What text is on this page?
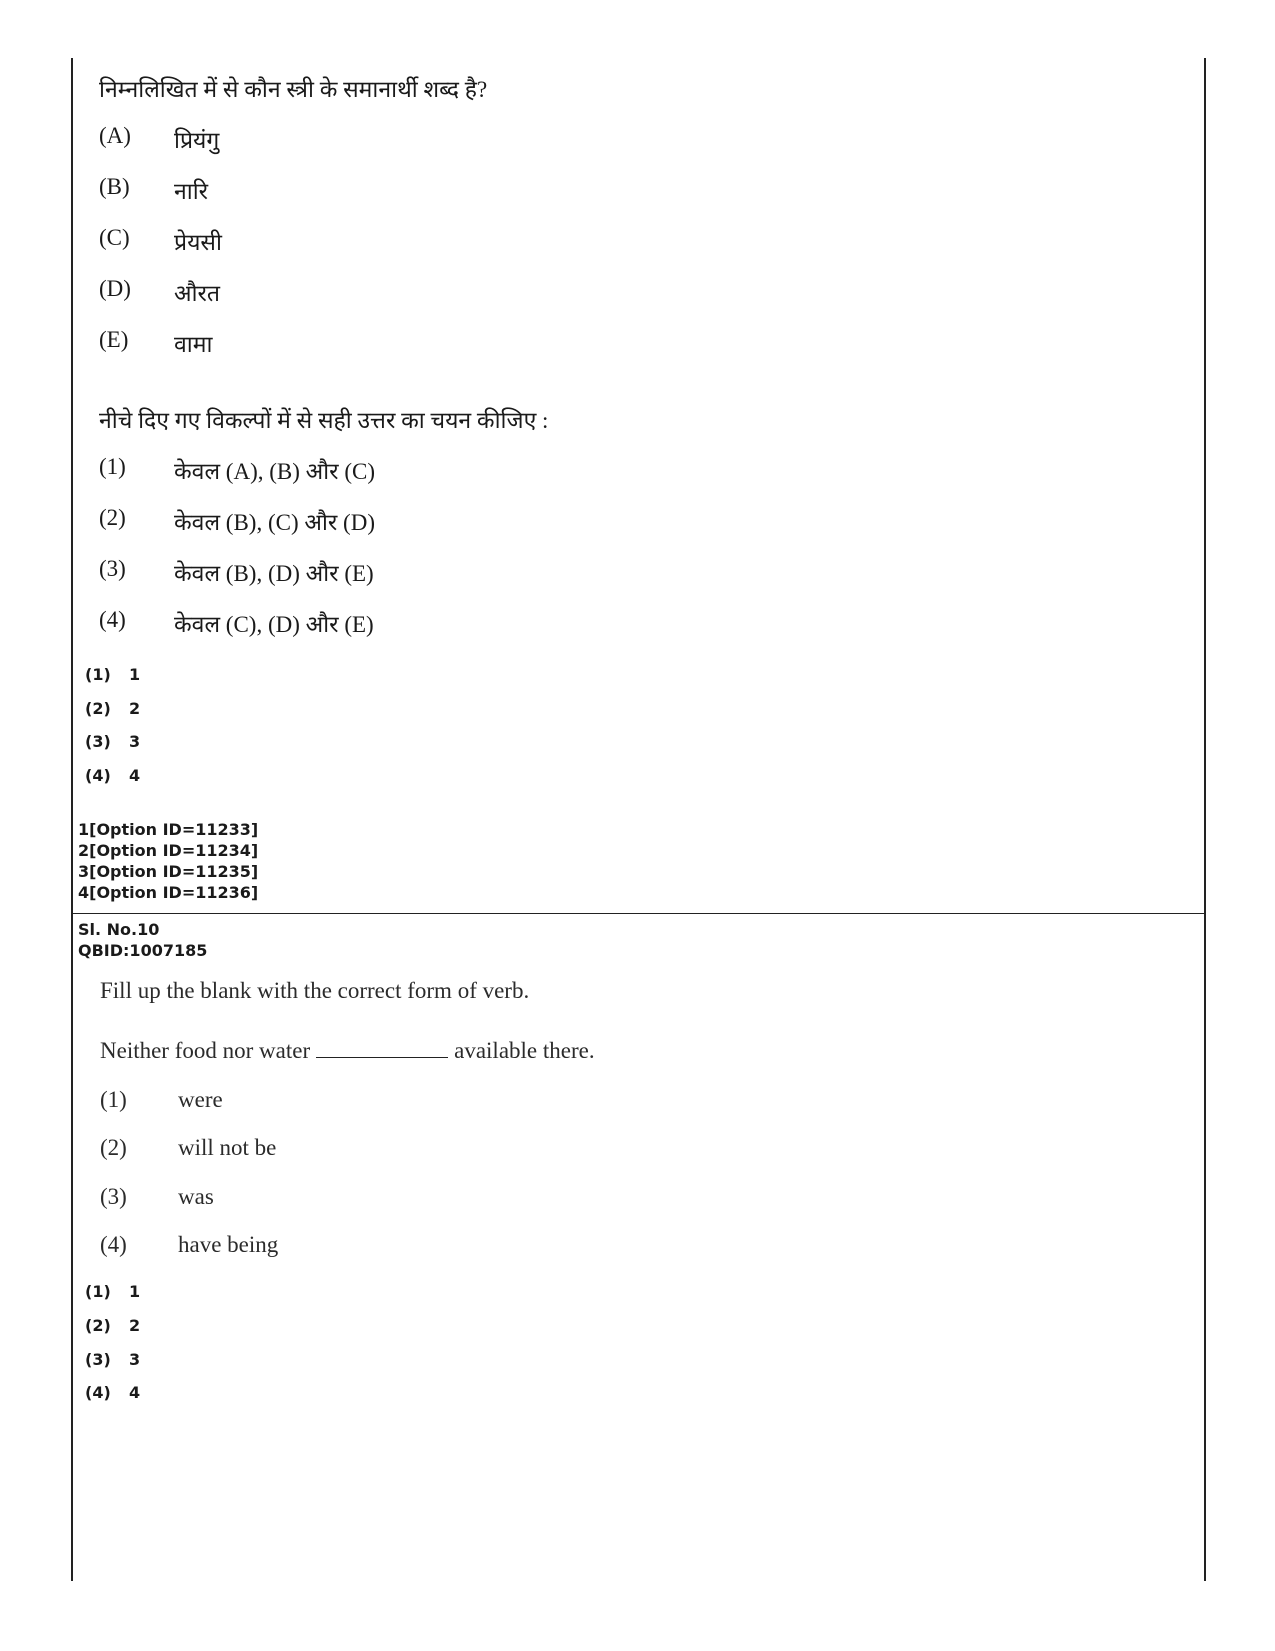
निम्नलिखित में से कौन स्त्री के समानार्थी शब्द है?
(A) प्रियंगु
(B) नारि
(C) प्रेयसी
(D) औरत
(E) वामा
नीचे दिए गए विकल्पों में से सही उत्तर का चयन कीजिए :
(1) केवल (A), (B) और (C)
(2) केवल (B), (C) और (D)
(3) केवल (B), (D) और (E)
(4) केवल (C), (D) और (E)
(1) 1
(2) 2
(3) 3
(4) 4
1[Option ID=11233]
2[Option ID=11234]
3[Option ID=11235]
4[Option ID=11236]
Sl. No.10
QBID:1007185
Fill up the blank with the correct form of verb.
Neither food nor water	available there.
(1) were
(2) will not be
(3) was
(4) have being
(1) 1
(2) 2
(3) 3
(4) 4
